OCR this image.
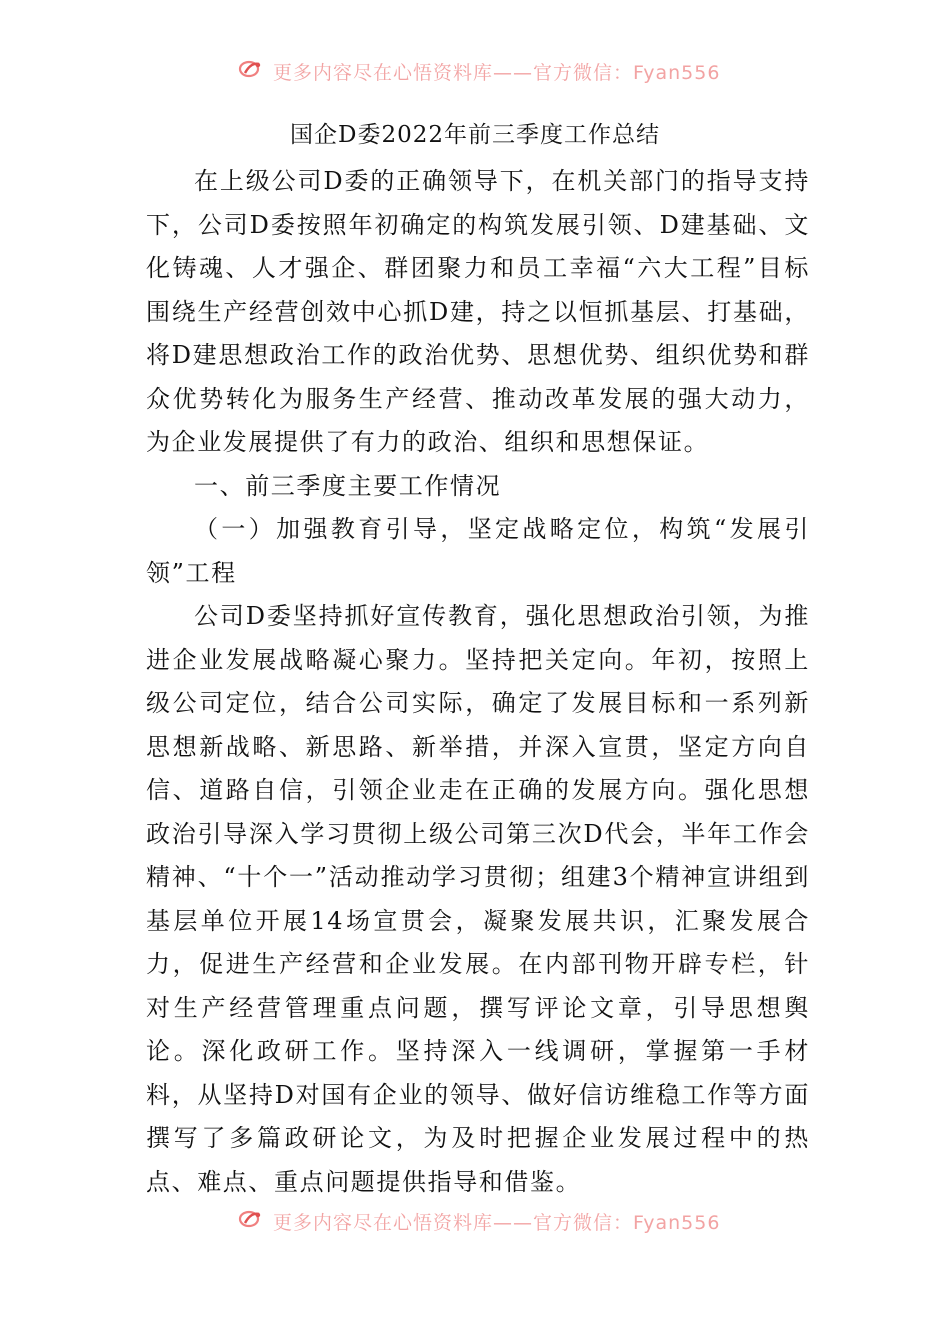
更多内容尽在心悟资料库——官方微信：Fyan556
国企D委2022年前三季度工作总结

在上级公司D委的正确领导下，在机关部门的指导支持下，公司D委按照年初确定的构筑发展引领、D建基础、文化铸魂、人才强企、群团聚力和员工幸福“六大工程”目标围绕生产经营创效中心抓D建，持之以恒抓基层、打基础，将D建思想政治工作的政治优势、思想优势、组织优势和群众优势转化为服务生产经营、推动改革发展的强大动力，为企业发展提供了有力的政治、组织和思想保证。

一、前三季度主要工作情况

（一）加强教育引导，坚定战略定位，构筑“发展引领”工程

公司D委坚持抓好宣传教育，强化思想政治引领，为推进企业发展战略凝心聚力。坚持把关定向。年初，按照上级公司定位，结合公司实际，确定了发展目标和一系列新思想新战略、新思路、新举措，并深入宣贯，坚定方向自信、道路自信，引领企业走在正确的发展方向。强化思想政治引导深入学习贯彻上级公司第三次D代会，半年工作会精神、“十个一”活动推动学习贯彻；组建3个精神宣讲组到基层单位开展14场宣贯会，凝聚发展共识，汇聚发展合力，促进生产经营和企业发展。在内部刊物开辟专栏，针对生产经营管理重点问题，撰写评论文章，引导思想舆论。深化政研工作。坚持深入一线调研，掌握第一手材料，从坚持D对国有企业的领导、做好信访维稳工作等方面撰写了多篇政研论文，为及时把握企业发展过程中的热点、难点、重点问题提供指导和借鉴。

更多内容尽在心悟资料库——官方微信：Fyan556
